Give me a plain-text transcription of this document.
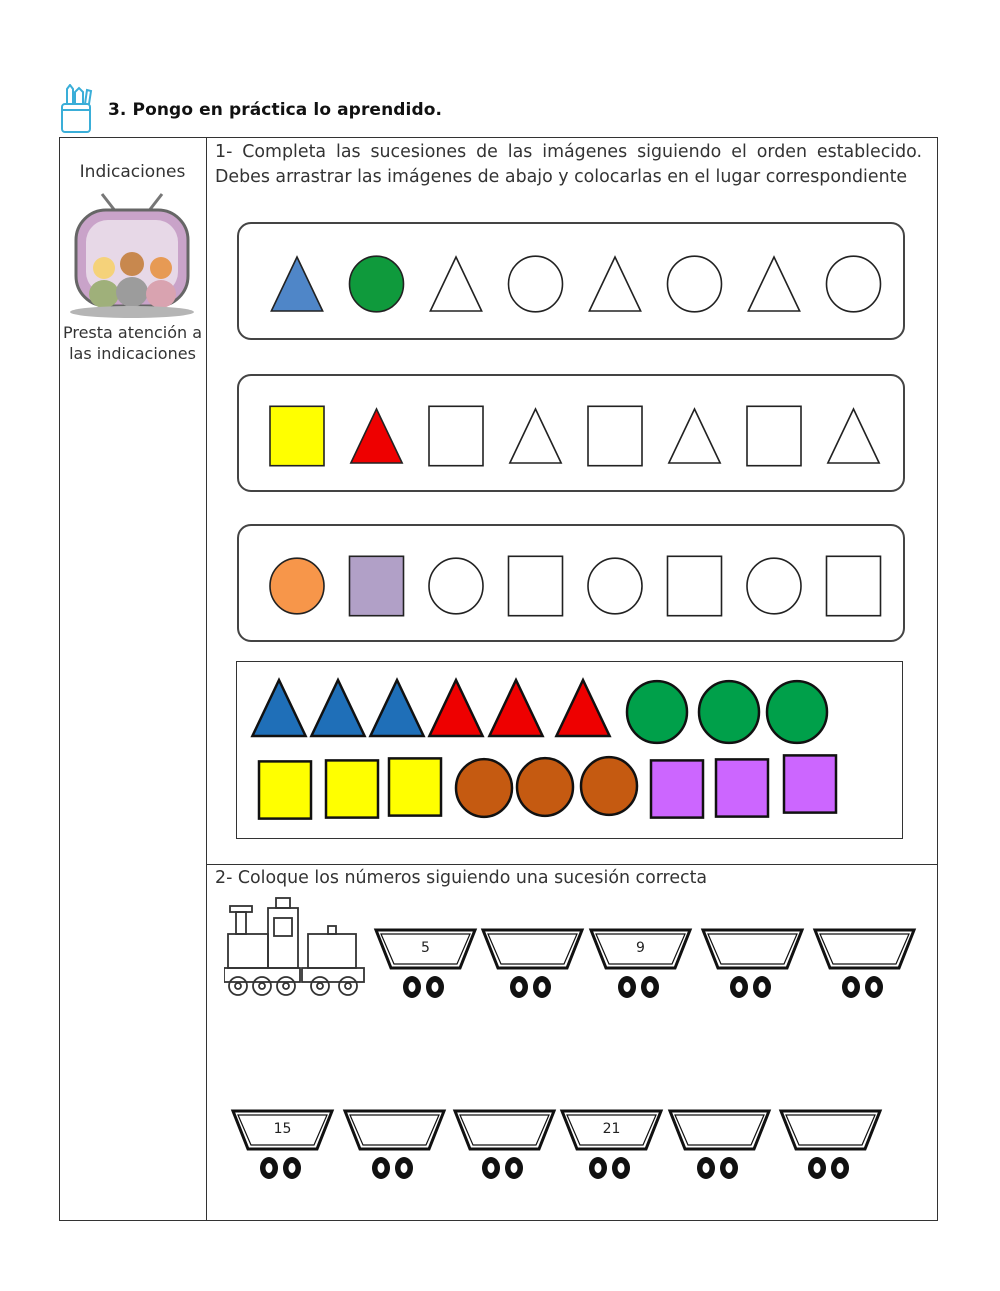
3. Pongo en práctica lo aprendido.
Indicaciones
Presta atención a las indicaciones
1- Completa las sucesiones de las imágenes siguiendo el orden establecido. Debes arrastrar las imágenes de abajo y colocarlas en el lugar correspondiente
2- Coloque los números siguiendo una sucesión correcta
5	9
15	21
